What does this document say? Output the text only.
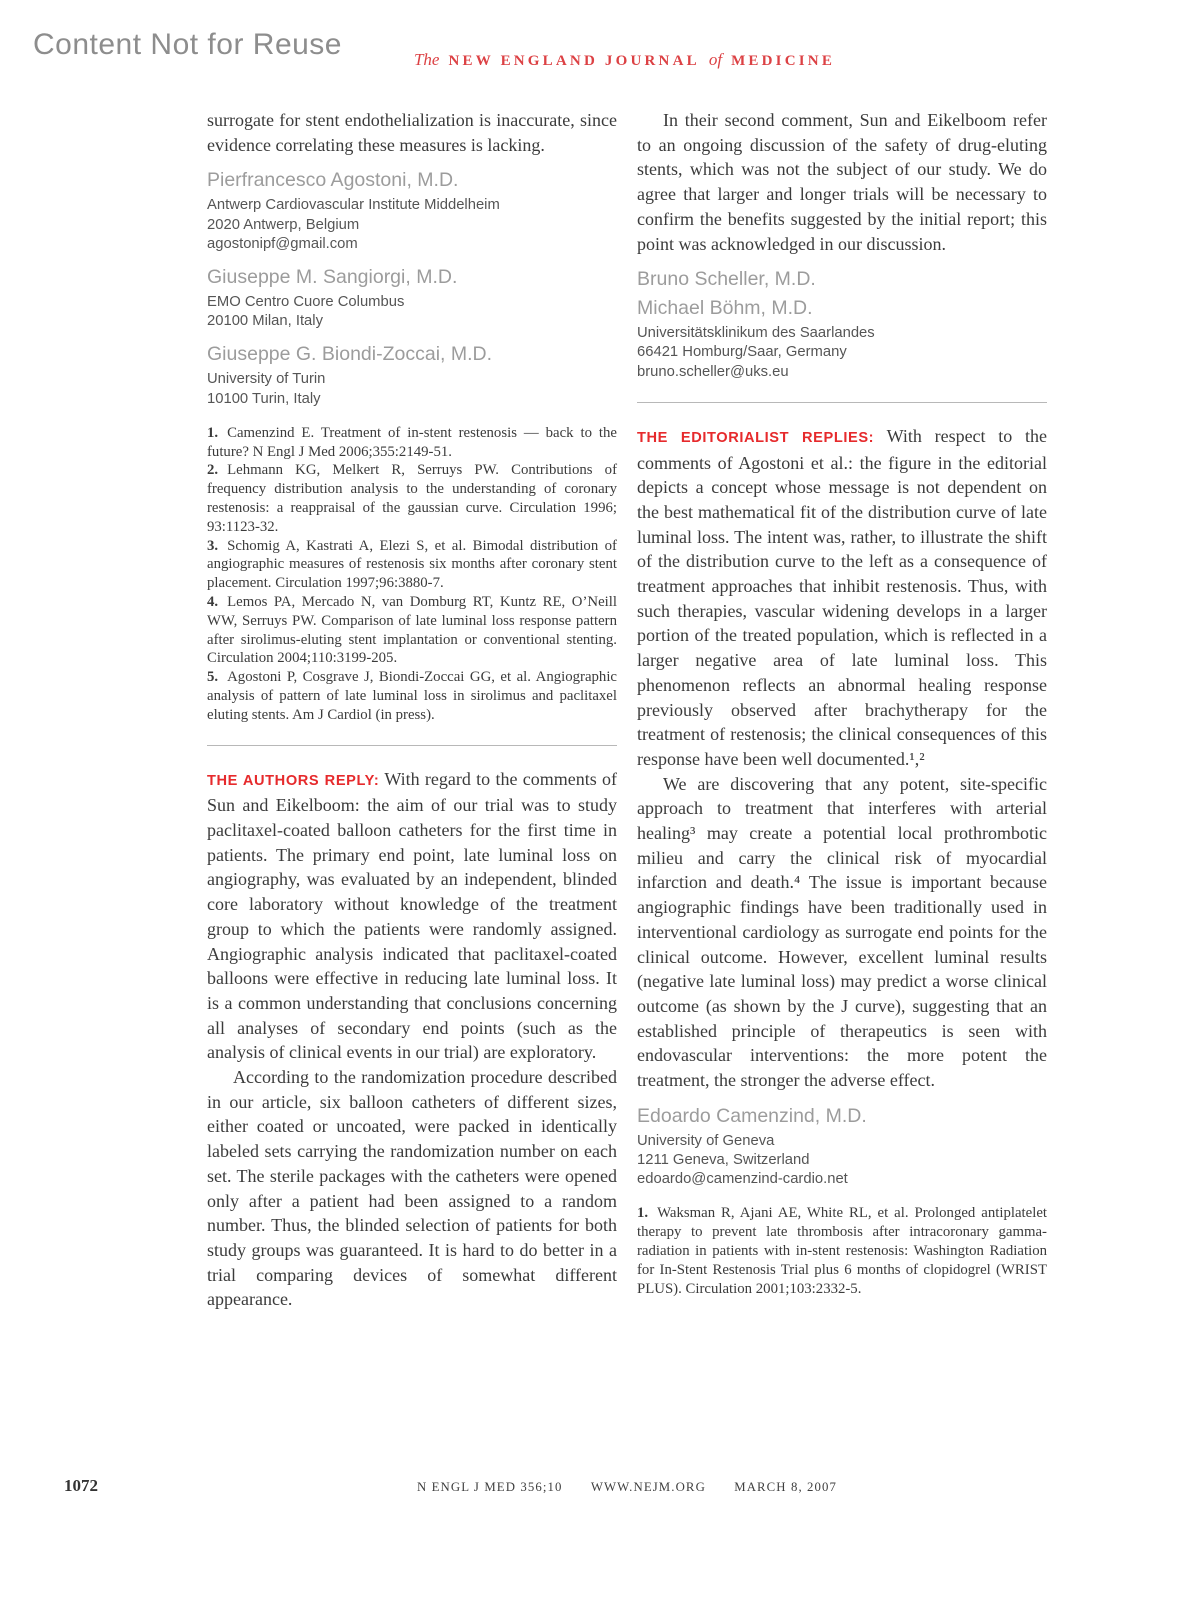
Content Not for Reuse	The NEW ENGLAND JOURNAL of MEDICINE

surrogate for stent endothelialization is inaccurate, since evidence correlating these measures is lacking.

Pierfrancesco Agostoni, M.D.
Antwerp Cardiovascular Institute Middelheim
2020 Antwerp, Belgium
agostonipf@gmail.com
Giuseppe M. Sangiorgi, M.D.
EMO Centro Cuore Columbus
20100 Milan, Italy
Giuseppe G. Biondi-Zoccai, M.D.
University of Turin
10100 Turin, Italy

1. Camenzind E. Treatment of in-stent restenosis — back to the future? N Engl J Med 2006;355:2149-51.

2. Lehmann KG, Melkert R, Serruys PW. Contributions of frequency distribution analysis to the understanding of coronary restenosis: a reappraisal of the gaussian curve. Circulation 1996; 93:1123-32.

3. Schomig A, Kastrati A, Elezi S, et al. Bimodal distribution of angiographic measures of restenosis six months after coronary stent placement. Circulation 1997;96:3880-7.

4. Lemos PA, Mercado N, van Domburg RT, Kuntz RE, O’Neill WW, Serruys PW. Comparison of late luminal loss response pattern after sirolimus-eluting stent implantation or conventional stenting. Circulation 2004;110:3199-205.

5. Agostoni P, Cosgrave J, Biondi-Zoccai GG, et al. Angiographic analysis of pattern of late luminal loss in sirolimus and paclitaxel eluting stents. Am J Cardiol (in press).

THE AUTHORS REPLY: With regard to the comments of Sun and Eikelboom: the aim of our trial was to study paclitaxel-coated balloon catheters for the first time in patients. The primary end point, late luminal loss on angiography, was evaluated by an independent, blinded core laboratory without knowledge of the treatment group to which the patients were randomly assigned. Angiographic analysis indicated that paclitaxel-coated balloons were effective in reducing late luminal loss. It is a common understanding that conclusions concerning all analyses of secondary end points (such as the analysis of clinical events in our trial) are exploratory.

According to the randomization procedure described in our article, six balloon catheters of different sizes, either coated or uncoated, were packed in identically labeled sets carrying the randomization number on each set. The sterile packages with the catheters were opened only after a patient had been assigned to a random number. Thus, the blinded selection of patients for both study groups was guaranteed. It is hard to do better in a trial comparing devices of somewhat different appearance.

In their second comment, Sun and Eikelboom refer to an ongoing discussion of the safety of drug-eluting stents, which was not the subject of our study. We do agree that larger and longer trials will be necessary to confirm the benefits suggested by the initial report; this point was acknowledged in our discussion.

Bruno Scheller, M.D.
Michael Böhm, M.D.
Universitätsklinikum des Saarlandes
66421 Homburg/Saar, Germany
bruno.scheller@uks.eu

THE EDITORIALIST REPLIES: With respect to the comments of Agostoni et al.: the figure in the editorial depicts a concept whose message is not dependent on the best mathematical fit of the distribution curve of late luminal loss. The intent was, rather, to illustrate the shift of the distribution curve to the left as a consequence of treatment approaches that inhibit restenosis. Thus, with such therapies, vascular widening develops in a larger portion of the treated population, which is reflected in a larger negative area of late luminal loss. This phenomenon reflects an abnormal healing response previously observed after brachytherapy for the treatment of restenosis; the clinical consequences of this response have been well documented.¹,²

We are discovering that any potent, site-specific approach to treatment that interferes with arterial healing³ may create a potential local prothrombotic milieu and carry the clinical risk of myocardial infarction and death.⁴ The issue is important because angiographic findings have been traditionally used in interventional cardiology as surrogate end points for the clinical outcome. However, excellent luminal results (negative late luminal loss) may predict a worse clinical outcome (as shown by the J curve), suggesting that an established principle of therapeutics is seen with endovascular interventions: the more potent the treatment, the stronger the adverse effect.

Edoardo Camenzind, M.D.
University of Geneva
1211 Geneva, Switzerland
edoardo@camenzind-cardio.net

1. Waksman R, Ajani AE, White RL, et al. Prolonged antiplatelet therapy to prevent late thrombosis after intracoronary gamma-radiation in patients with in-stent restenosis: Washington Radiation for In-Stent Restenosis Trial plus 6 months of clopidogrel (WRIST PLUS). Circulation 2001;103:2332-5.

1072	N ENGL J MED 356;10 WWW.NEJM.ORG MARCH 8, 2007
